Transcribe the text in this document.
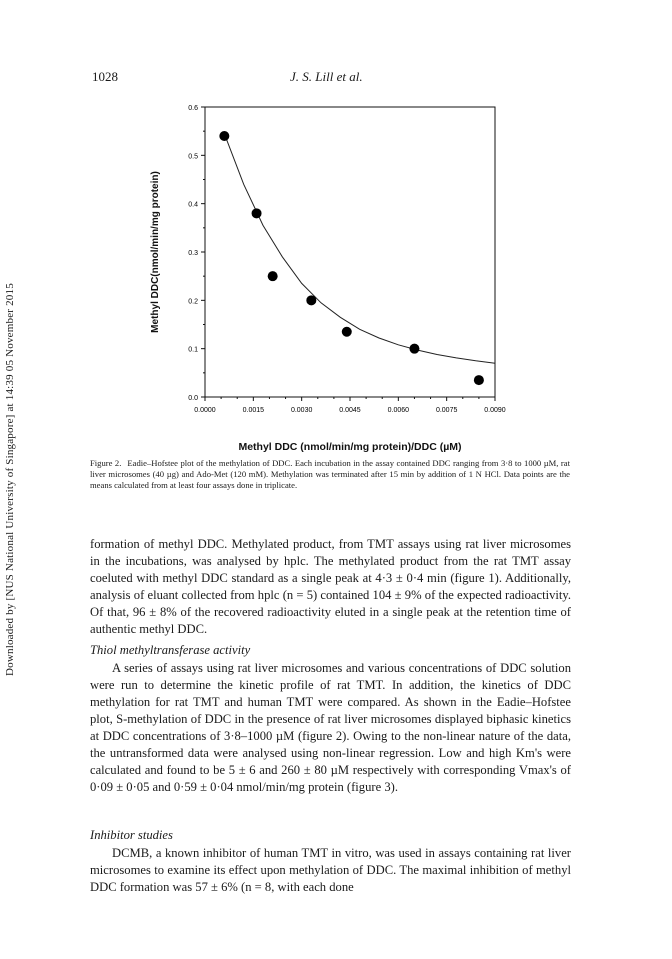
Downloaded by [NUS National University of Singapore] at 14:39 05 November 2015
1028	J. S. Lill et al.
0.0
0.1
0.2
0.3
0.4
0.5
0.6
0.0000	0.0015	0.0030	0.0045	0.0060	0.0075	0.0090
Methyl DDC (nmol/min/mg protein)/DDC (µM)
Methyl DDC(nmol/min/mg protein)
Figure 2. Eadie–Hofstee plot of the methylation of DDC. Each incubation in the assay contained DDC ranging from 3·8 to 1000 µM, rat liver microsomes (40 µg) and Ado-Met (120 mM). Methylation was terminated after 15 min by addition of 1 N HCl. Data points are the means calculated from at least four assays done in triplicate.

formation of methyl DDC. Methylated product, from TMT assays using rat liver microsomes in the incubations, was analysed by hplc. The methylated product from the rat TMT assay coeluted with methyl DDC standard as a single peak at 4·3 ± 0·4 min (figure 1). Additionally, analysis of eluant collected from hplc (n = 5) contained 104 ± 9% of the expected radioactivity. Of that, 96 ± 8% of the recovered radioactivity eluted in a single peak at the retention time of authentic methyl DDC.

Thiol methyltransferase activity

A series of assays using rat liver microsomes and various concentrations of DDC solution were run to determine the kinetic profile of rat TMT. In addition, the kinetics of DDC methylation for rat TMT and human TMT were compared. As shown in the Eadie–Hofstee plot, S-methylation of DDC in the presence of rat liver microsomes displayed biphasic kinetics at DDC concentrations of 3·8–1000 µM (figure 2). Owing to the non-linear nature of the data, the untransformed data were analysed using non-linear regression. Low and high Km's were calculated and found to be 5 ± 6 and 260 ± 80 µM respectively with corresponding Vmax's of 0·09 ± 0·05 and 0·59 ± 0·04 nmol/min/mg protein (figure 3).

Inhibitor studies

DCMB, a known inhibitor of human TMT in vitro, was used in assays containing rat liver microsomes to examine its effect upon methylation of DDC. The maximal inhibition of methyl DDC formation was 57 ± 6% (n = 8, with each done
